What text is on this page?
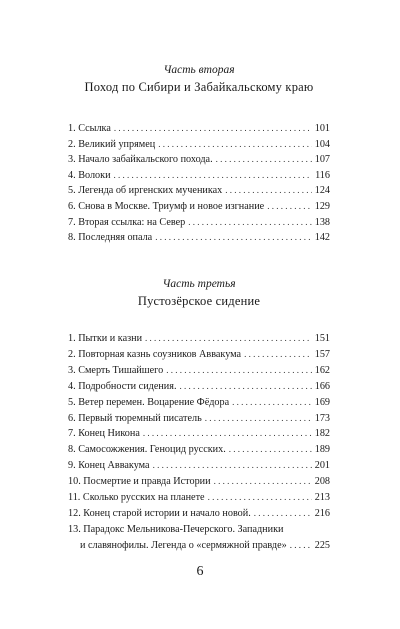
Часть вторая

Поход по Сибири и Забайкальскому краю

1. Ссылка . . .	101
2. Великий упрямец . . .	104
3. Начало забайкальского похода. . . .	107
4. Волоки . . .	116
5. Легенда об иргенских мучениках . . .	124
6. Снова в Москве. Триумф и новое изгнание . . .	129
7. Вторая ссылка: на Север . . .	138
8. Последняя опала . . .	142

Часть третья

Пустозёрское сидение

1. Пытки и казни . . .	151
2. Повторная казнь соузников Аввакума . . .	157
3. Смерть Тишайшего . . .	162
4. Подробности сидения. . . .	166
5. Ветер перемен. Воцарение Фёдора . . .	169
6. Первый тюремный писатель . . .	173
7. Конец Никона . . .	182
8. Самосожжения. Геноцид русских. . . .	189
9. Конец Аввакума . . .	201
10. Посмертие и правда Истории . . .	208
11. Сколько русских на планете . . .	213
12. Конец старой истории и начало новой. . . .	216
13. Парадокс Мельникова-Печерского. Западники
и славянофилы. Легенда о «сермяжной правде» . . .	225
6
